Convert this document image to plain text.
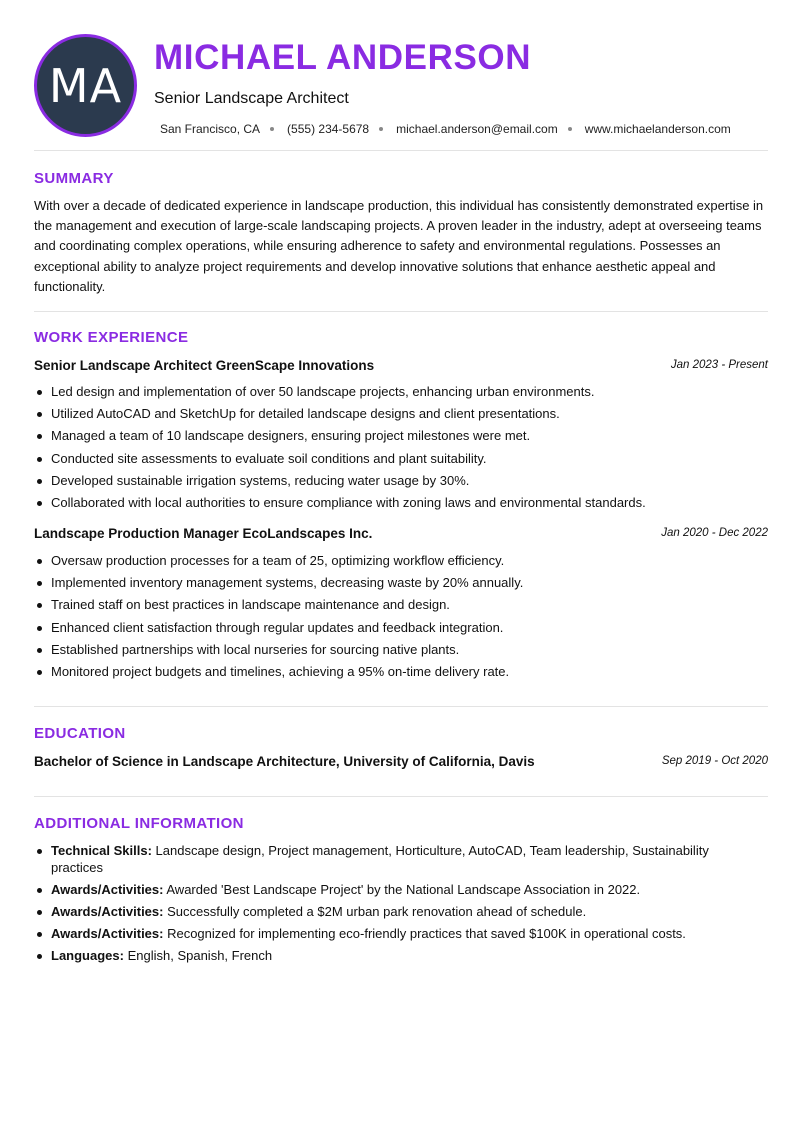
MA
MICHAEL ANDERSON
Senior Landscape Architect
San Francisco, CA (555) 234-5678 michael.anderson@email.com www.michaelanderson.com
SUMMARY

With over a decade of dedicated experience in landscape production, this individual has consistently demonstrated expertise in the management and execution of large-scale landscaping projects. A proven leader in the industry, adept at overseeing teams and coordinating complex operations, while ensuring adherence to safety and environmental regulations. Possesses an exceptional ability to analyze project requirements and develop innovative solutions that enhance aesthetic appeal and functionality.

WORK EXPERIENCE
Senior Landscape Architect GreenScape Innovations	Jan 2023 - Present
Led design and implementation of over 50 landscape projects, enhancing urban environments.
Utilized AutoCAD and SketchUp for detailed landscape designs and client presentations.
Managed a team of 10 landscape designers, ensuring project milestones were met.
Conducted site assessments to evaluate soil conditions and plant suitability.
Developed sustainable irrigation systems, reducing water usage by 30%.
Collaborated with local authorities to ensure compliance with zoning laws and environmental standards.
Landscape Production Manager EcoLandscapes Inc.	Jan 2020 - Dec 2022
Oversaw production processes for a team of 25, optimizing workflow efficiency.
Implemented inventory management systems, decreasing waste by 20% annually.
Trained staff on best practices in landscape maintenance and design.
Enhanced client satisfaction through regular updates and feedback integration.
Established partnerships with local nurseries for sourcing native plants.
Monitored project budgets and timelines, achieving a 95% on-time delivery rate.
EDUCATION
Bachelor of Science in Landscape Architecture, University of California, Davis	Sep 2019 - Oct 2020
ADDITIONAL INFORMATION
Technical Skills: Landscape design, Project management, Horticulture, AutoCAD, Team leadership, Sustainability practices
Awards/Activities: Awarded 'Best Landscape Project' by the National Landscape Association in 2022.
Awards/Activities: Successfully completed a $2M urban park renovation ahead of schedule.
Awards/Activities: Recognized for implementing eco-friendly practices that saved $100K in operational costs.
Languages: English, Spanish, French
